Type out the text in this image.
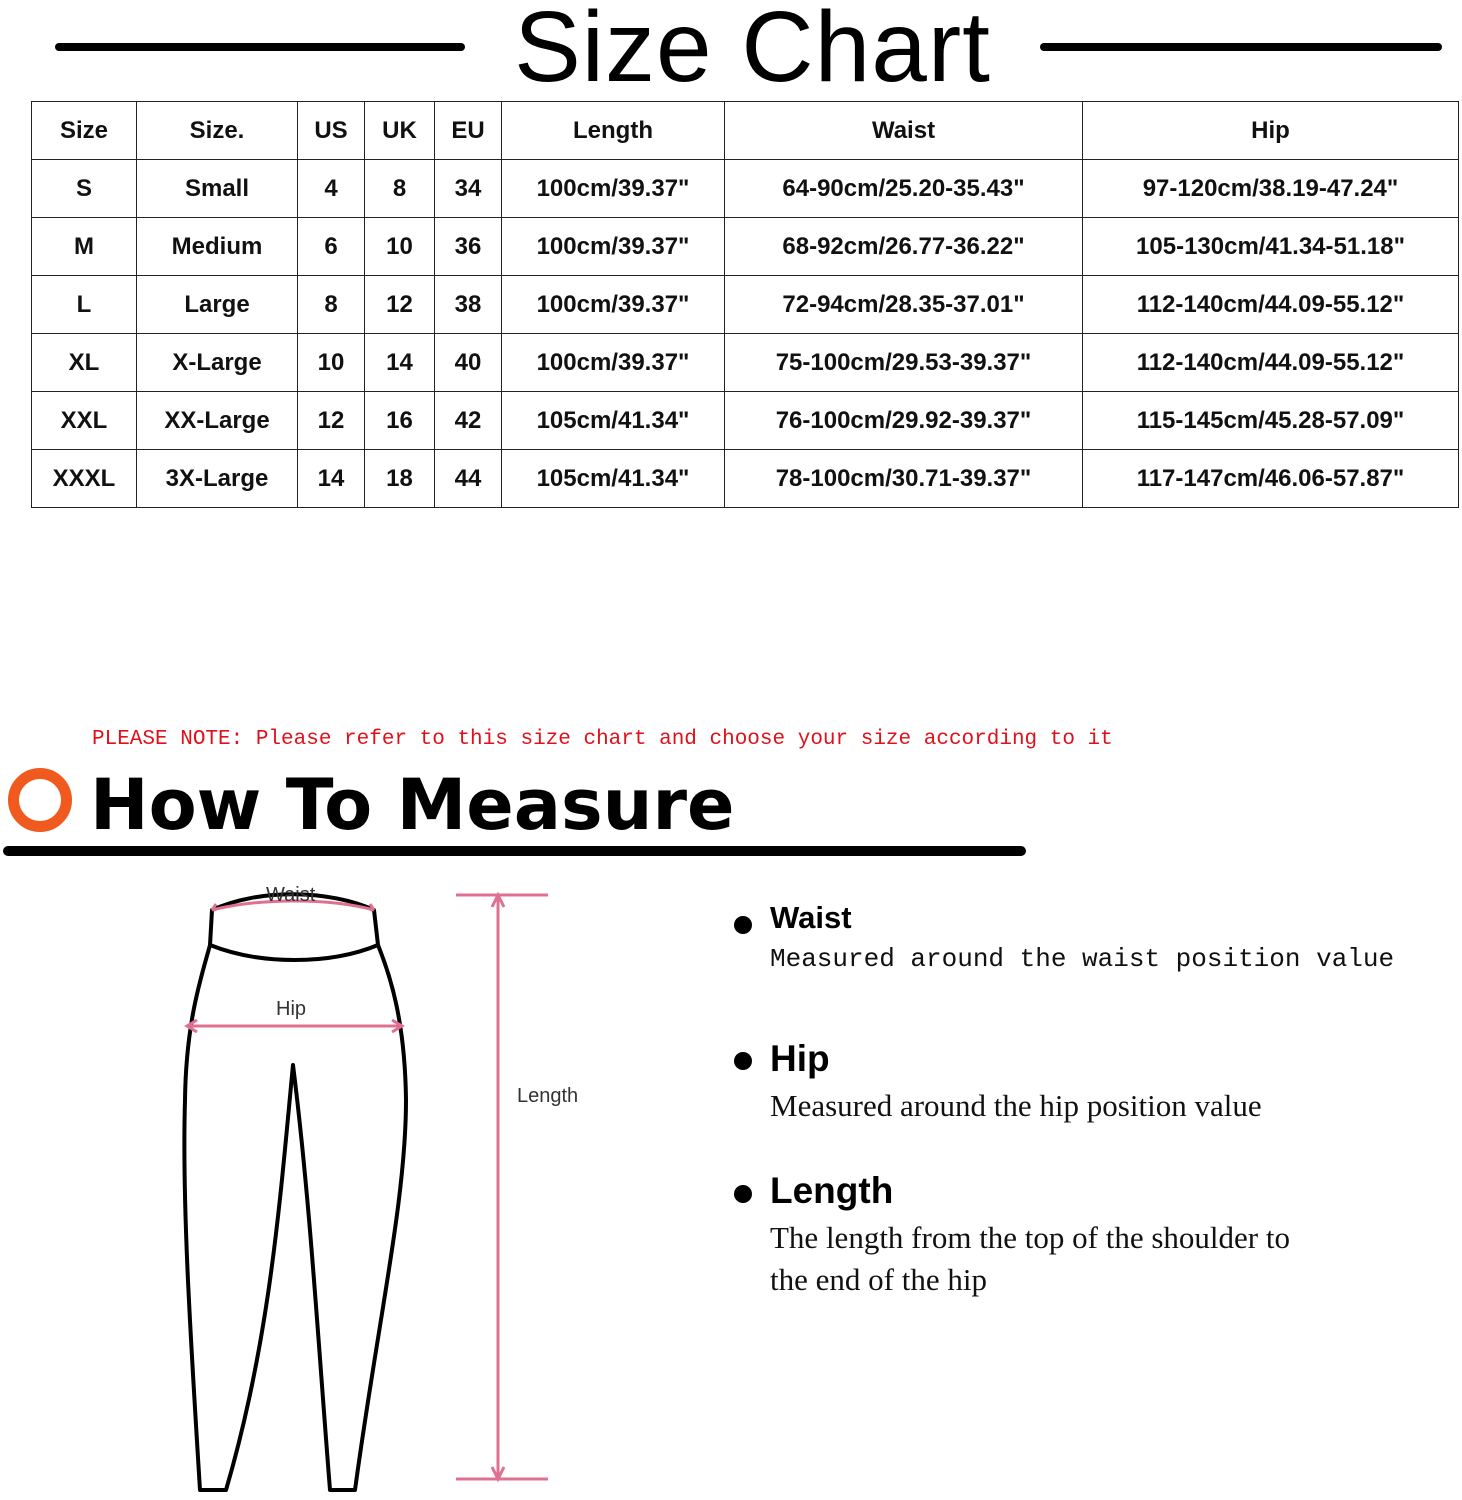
Size Chart
Size	Size.	US	UK	EU	Length	Waist	Hip
S	Small	4	8	34	100cm/39.37"	64-90cm/25.20-35.43"	97-120cm/38.19-47.24"
M	Medium	6	10	36	100cm/39.37"	68-92cm/26.77-36.22"	105-130cm/41.34-51.18"
L	Large	8	12	38	100cm/39.37"	72-94cm/28.35-37.01"	112-140cm/44.09-55.12"
XL	X-Large	10	14	40	100cm/39.37"	75-100cm/29.53-39.37"	112-140cm/44.09-55.12"
XXL	XX-Large	12	16	42	105cm/41.34"	76-100cm/29.92-39.37"	115-145cm/45.28-57.09"
XXXL	3X-Large	14	18	44	105cm/41.34"	78-100cm/30.71-39.37"	117-147cm/46.06-57.87"
PLEASE NOTE: Please refer to this size chart and choose your size according to it
How To Measure
Waist
Hip
Length
Waist
Measured around the waist position value
Hip
Measured around the hip position value
Length
The length from the top of the shoulder to
the end of the hip
